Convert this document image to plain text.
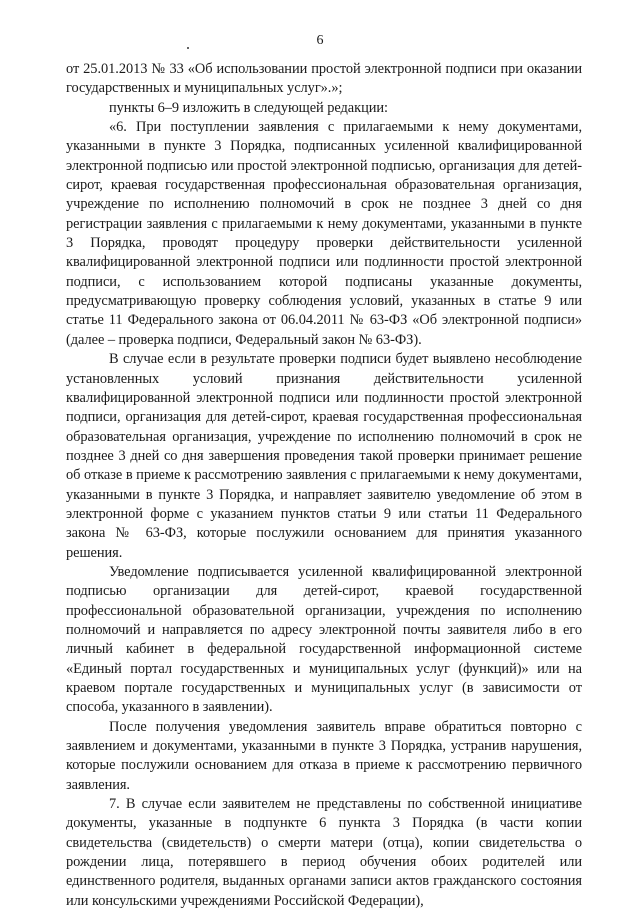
6

от 25.01.2013 № 33 «Об использовании простой электронной подписи при оказании государственных и муниципальных услуг».»;

пункты 6–9 изложить в следующей редакции:

«6. При поступлении заявления с прилагаемыми к нему документами, указанными в пункте 3 Порядка, подписанных усиленной квалифицированной электронной подписью или простой электронной подписью, организация для детей-сирот, краевая государственная профессиональная образовательная организация, учреждение по исполнению полномочий в срок не позднее 3 дней со дня регистрации заявления с прилагаемыми к нему документами, указанными в пункте 3 Порядка, проводят процедуру проверки действительности усиленной квалифицированной электронной подписи или подлинности простой электронной подписи, с использованием которой подписаны указанные документы, предусматривающую проверку соблюдения условий, указанных в статье 9 или статье 11 Федерального закона от 06.04.2011 № 63-ФЗ «Об электронной подписи» (далее – проверка подписи, Федеральный закон № 63-ФЗ).

В случае если в результате проверки подписи будет выявлено несоблюдение установленных условий признания действительности усиленной квалифицированной электронной подписи или подлинности простой электронной подписи, организация для детей-сирот, краевая государственная профессиональная образовательная организация, учреждение по исполнению полномочий в срок не позднее 3 дней со дня завершения проведения такой проверки принимает решение об отказе в приеме к рассмотрению заявления с прилагаемыми к нему документами, указанными в пункте 3 Порядка, и направляет заявителю уведомление об этом в электронной форме с указанием пунктов статьи 9 или статьи 11 Федерального закона № 63-ФЗ, которые послужили основанием для принятия указанного решения.

Уведомление подписывается усиленной квалифицированной электронной подписью организации для детей-сирот, краевой государственной профессиональной образовательной организации, учреждения по исполнению полномочий и направляется по адресу электронной почты заявителя либо в его личный кабинет в федеральной государственной информационной системе «Единый портал государственных и муниципальных услуг (функций)» или на краевом портале государственных и муниципальных услуг (в зависимости от способа, указанного в заявлении).

После получения уведомления заявитель вправе обратиться повторно с заявлением и документами, указанными в пункте 3 Порядка, устранив нарушения, которые послужили основанием для отказа в приеме к рассмотрению первичного заявления.

7. В случае если заявителем не представлены по собственной инициативе документы, указанные в подпункте 6 пункта 3 Порядка (в части копии свидетельства (свидетельств) о смерти матери (отца), копии свидетельства о рождении лица, потерявшего в период обучения обоих родителей или единственного родителя, выданных органами записи актов гражданского состояния или консульскими учреждениями Российской Федерации),
